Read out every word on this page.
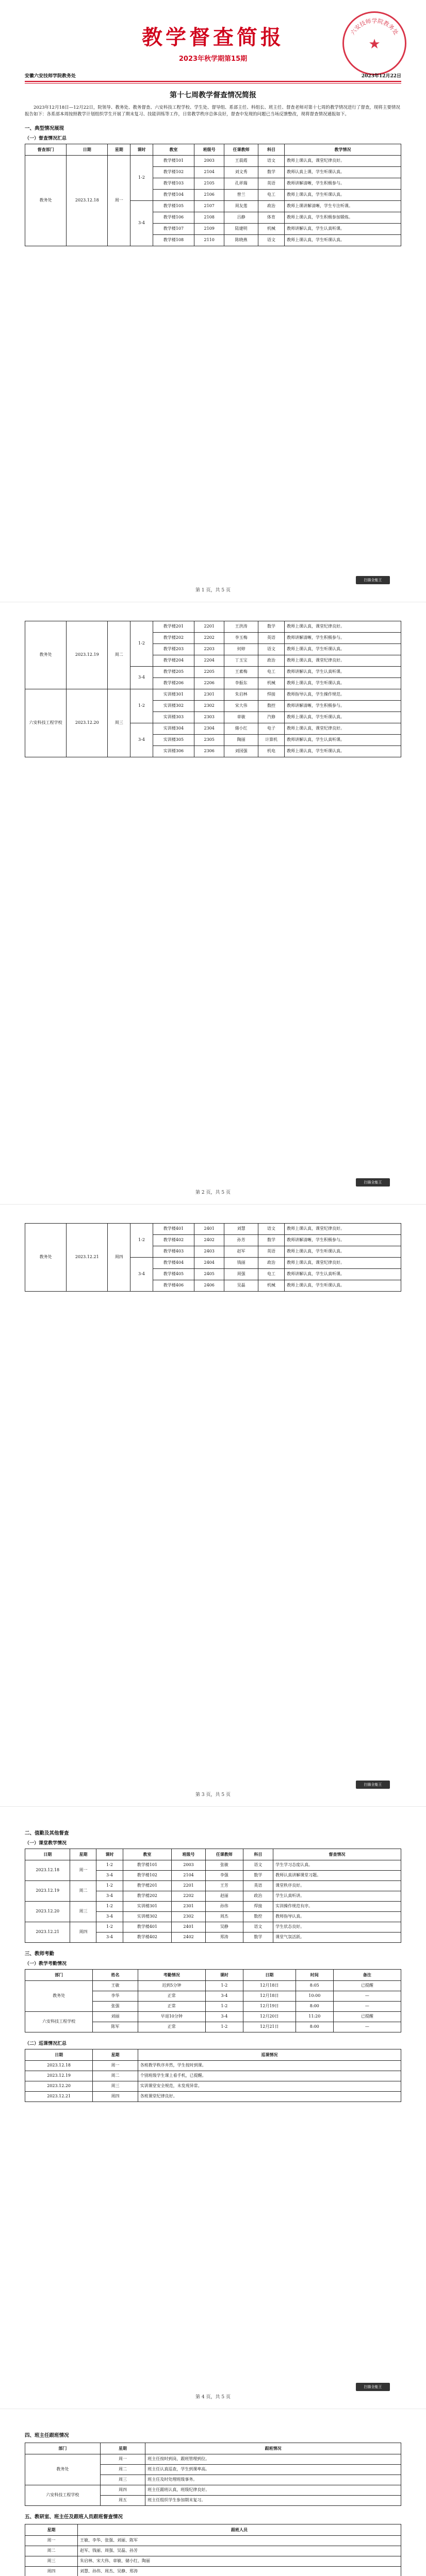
六安技师学院教务处
★
教学督查简报
2023年秋学期第15期
安徽六安技师学院教务处	2023年12月22日
第十七周教学督查情况简报
2023年12月18日—12月22日，院领导、教务处、教务督查、六安科技工程学校、学生处、督导组、系部主任、科组长、班主任、督查老师对第十七周的教学情况进行了督查，现将主要情况报告如下：各系部本周按照教学计划组织学生开展了期末复习、技能训练等工作，日常教学秩序总体良好，督查中发现的问题已当场反馈整改，现将督查情况通报如下。
一、典型情况展现
（一）督查情况汇总
督查部门	日期	星期	课时	教室	班级号	任课教师	科目	教学情况
教务处	2023.12.18	周一	1-2	教学楼101	2003	王晨霞	语文	教师上课认真，课堂纪律良好。
				教学楼102	2104	刘文秀	数学	教师认真上课，学生听课认真。
				教学楼103	2105	孔祥瑞	英语	教师讲解清晰，学生积极参与。
				教学楼104	2106	曾兰	电工	教师上课认真，学生听课认真。
			3-4	教学楼105	2107	周友莲	政治	教师上课讲解清晰，学生专注听课。
				教学楼106	2108	吕静	体育	教师上课认真，学生积极参加锻炼。
				教学楼107	2109	陆建明	机械	教师讲解认真，学生认真听课。
				教学楼108	2110	陈晓燕	语文	教师上课认真，学生听课认真。
扫描全能王
第 1 页，共 5 页
教务处	2023.12.19	周二	1-2	教学楼201	2201	王洪涛	数学	教师上课认真，课堂纪律良好。
				教学楼202	2202	李玉梅	英语	教师讲解清晰，学生积极参与。
				教学楼203	2203	何婷	语文	教师上课认真，学生听课认真。
				教学楼204	2204	丁玉宝	政治	教师上课认真，课堂纪律良好。
			3-4	教学楼205	2205	王素梅	电工	教师讲解认真，学生认真听课。
				教学楼206	2206	李振东	机械	教师上课认真，学生听课认真。
六安科技工程学校	2023.12.20	周三	1-2	实训楼301	2301	朱启林	焊接	教师指导认真，学生操作规范。
				实训楼302	2302	宋大伟	数控	教师讲解清晰，学生积极参与。
				实训楼303	2303	章敏	汽修	教师上课认真，学生听课认真。
			3-4	实训楼304	2304	储小红	电子	教师上课认真，课堂纪律良好。
				实训楼305	2305	陶丽	计算机	教师讲解认真，学生认真听课。
				实训楼306	2306	刘国强	机电	教师上课认真，学生听课认真。
扫描全能王
第 2 页，共 5 页
教务处	2023.12.21	周四	1-2	教学楼401	2401	刘慧	语文	教师上课认真，课堂纪律良好。
				教学楼402	2402	孙芳	数学	教师讲解清晰，学生积极参与。
				教学楼403	2403	赵军	英语	教师上课认真，学生听课认真。
			3-4	教学楼404	2404	钱丽	政治	教师上课认真，课堂纪律良好。
				教学楼405	2405	周强	电工	教师讲解认真，学生认真听课。
				教学楼406	2406	吴磊	机械	教师上课认真，学生听课认真。
扫描全能王
第 3 页，共 5 页
二、值勤及其他督查
（一）课堂教学情况
日期	星期	课时	教室	班级号	任课教师	科目	督查情况
2023.12.18	周一	1-2	教学楼101	2003	张敏	语文	学生学习态度认真。
		3-4	教学楼102	2104	李强	数学	教师认真讲解课堂习题。
2023.12.19	周二	1-2	教学楼201	2201	王芳	英语	课堂秩序良好。
		3-4	教学楼202	2202	赵丽	政治	学生认真听讲。
2023.12.20	周三	1-2	实训楼301	2301	孙伟	焊接	实训操作规范有序。
		3-4	实训楼302	2302	周杰	数控	教师指导认真。
2023.12.21	周四	1-2	教学楼401	2401	吴静	语文	学生状态良好。
		3-4	教学楼402	2402	郑涛	数学	课堂气氛活跃。
三、教师考勤
（一）教学考勤情况
部门	姓名	考勤情况	课时	日期	时间	备注
教务处	王敏	迟到5分钟	1-2	12月18日	8:05	已提醒
	李华	正常	3-4	12月18日	10:00	—
	张强	正常	1-2	12月19日	8:00	—
六安科技工程学校	刘丽	早退10分钟	3-4	12月20日	11:20	已提醒
	陈军	正常	1-2	12月21日	8:00	—
（二）巡课情况汇总
日期	星期	巡课情况
2023.12.18	周一	各班教学秩序井然，学生按时到课。
2023.12.19	周二	个别班级学生课上看手机，已提醒。
2023.12.20	周三	实训课堂安全规范，未发现异常。
2023.12.21	周四	各班课堂纪律良好。
扫描全能王
第 4 页，共 5 页
四、班主任跟班情况
部门	星期	跟班情况
教务处	周一	班主任按时到岗，跟班管理到位。
	周二	班主任认真巡查，学生到课率高。
	周三	班主任及时处理班级事务。
六安科技工程学校	周四	班主任跟班认真，班级纪律良好。
	周五	班主任组织学生参加期末复习。
五、教研室、班主任及跟班人员跟班督查情况
星期	跟班人员
周一	王敏、李华、张强、刘丽、陈军
周二	赵军、钱丽、周强、吴磊、孙芳
周三	朱启林、宋大伟、章敏、储小红、陶丽
周四	刘慧、孙伟、周杰、吴静、郑涛
